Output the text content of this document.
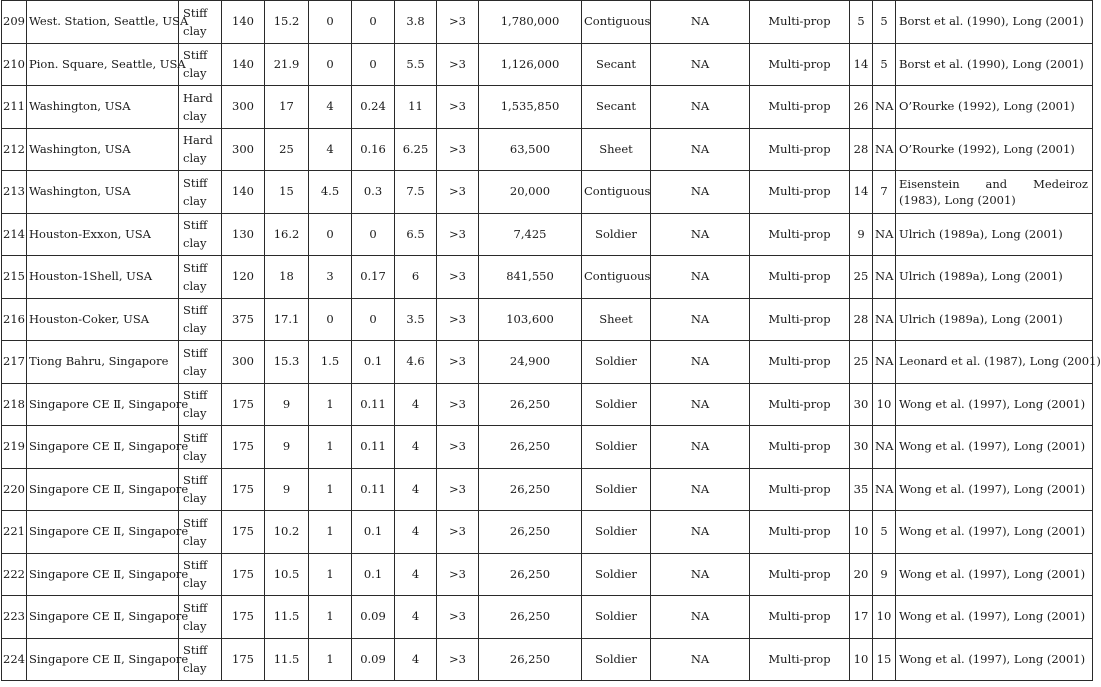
209	West. Station, Seattle, USA	Stiff clay	140	15.2	0	0	3.8	>3	1,780,000	Contiguous	NA	Multi-prop	5	5	Borst et al. (1990), Long (2001)
210	Pion. Square, Seattle, USA	Stiff clay	140	21.9	0	0	5.5	>3	1,126,000	Secant	NA	Multi-prop	14	5	Borst et al. (1990), Long (2001)
211	Washington, USA	Hard clay	300	17	4	0.24	11	>3	1,535,850	Secant	NA	Multi-prop	26	NA	O’Rourke (1992), Long (2001)
212	Washington, USA	Hard clay	300	25	4	0.16	6.25	>3	63,500	Sheet	NA	Multi-prop	28	NA	O’Rourke (1992), Long (2001)
213	Washington, USA	Stiff clay	140	15	4.5	0.3	7.5	>3	20,000	Contiguous	NA	Multi-prop	14	7	Eisenstein and Medeiroz (1983), Long (2001)
214	Houston-Exxon, USA	Stiff clay	130	16.2	0	0	6.5	>3	7,425	Soldier	NA	Multi-prop	9	NA	Ulrich (1989a), Long (2001)
215	Houston-1Shell, USA	Stiff clay	120	18	3	0.17	6	>3	841,550	Contiguous	NA	Multi-prop	25	NA	Ulrich (1989a), Long (2001)
216	Houston-Coker, USA	Stiff clay	375	17.1	0	0	3.5	>3	103,600	Sheet	NA	Multi-prop	28	NA	Ulrich (1989a), Long (2001)
217	Tiong Bahru, Singapore	Stiff clay	300	15.3	1.5	0.1	4.6	>3	24,900	Soldier	NA	Multi-prop	25	NA	Leonard et al. (1987), Long (2001)
218	Singapore CE Ⅱ, Singapore	Stiff clay	175	9	1	0.11	4	>3	26,250	Soldier	NA	Multi-prop	30	10	Wong et al. (1997), Long (2001)
219	Singapore CE Ⅱ, Singapore	Stiff clay	175	9	1	0.11	4	>3	26,250	Soldier	NA	Multi-prop	30	NA	Wong et al. (1997), Long (2001)
220	Singapore CE Ⅱ, Singapore	Stiff clay	175	9	1	0.11	4	>3	26,250	Soldier	NA	Multi-prop	35	NA	Wong et al. (1997), Long (2001)
221	Singapore CE Ⅱ, Singapore	Stiff clay	175	10.2	1	0.1	4	>3	26,250	Soldier	NA	Multi-prop	10	5	Wong et al. (1997), Long (2001)
222	Singapore CE Ⅱ, Singapore	Stiff clay	175	10.5	1	0.1	4	>3	26,250	Soldier	NA	Multi-prop	20	9	Wong et al. (1997), Long (2001)
223	Singapore CE Ⅱ, Singapore	Stiff clay	175	11.5	1	0.09	4	>3	26,250	Soldier	NA	Multi-prop	17	10	Wong et al. (1997), Long (2001)
224	Singapore CE Ⅱ, Singapore	Stiff clay	175	11.5	1	0.09	4	>3	26,250	Soldier	NA	Multi-prop	10	15	Wong et al. (1997), Long (2001)
